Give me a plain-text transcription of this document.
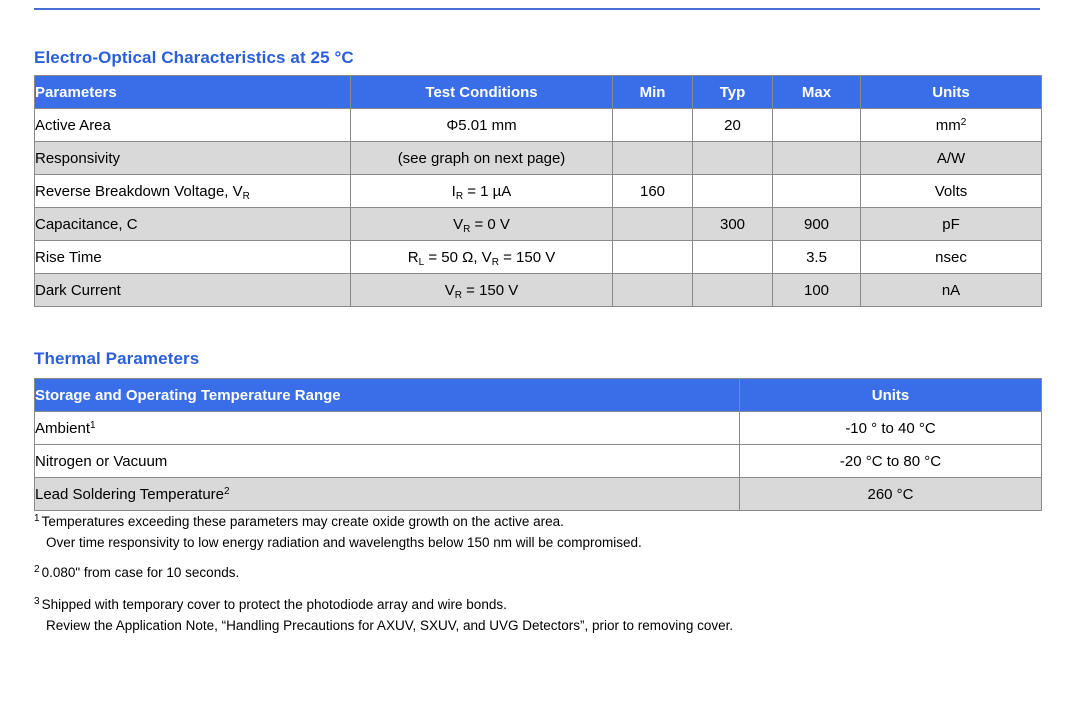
Electro-Optical Characteristics at 25 °C
Parameters	Test Conditions	Min	Typ	Max	Units
Active Area	Φ5.01 mm		20		$mm^2$
Responsivity	(see graph on next page)				A/W
Reverse Breakdown Voltage, $V_R$	$I_R = 1$ µA	160			Volts
Capacitance, C	$V_R = 0$ V		300	900	pF
Rise Time	$R_L = 50$ Ω, $V_R = 150$ V			3.5	nsec
Dark Current	$V_R = 150$ V			100	nA
Thermal Parameters
Storage and Operating Temperature Range	Units
Ambient$^1$	-10 ° to 40 °C
Nitrogen or Vacuum	-20 °C to 80 °C
Lead Soldering Temperature$^2$	260 °C
$^1$ Temperatures exceeding these parameters may create oxide growth on the active area.
Over time responsivity to low energy radiation and wavelengths below 150 nm will be compromised.
$^2$ 0.080" from case for 10 seconds.
$^3$ Shipped with temporary cover to protect the photodiode array and wire bonds.
Review the Application Note, “Handling Precautions for AXUV, SXUV, and UVG Detectors”, prior to removing cover.
